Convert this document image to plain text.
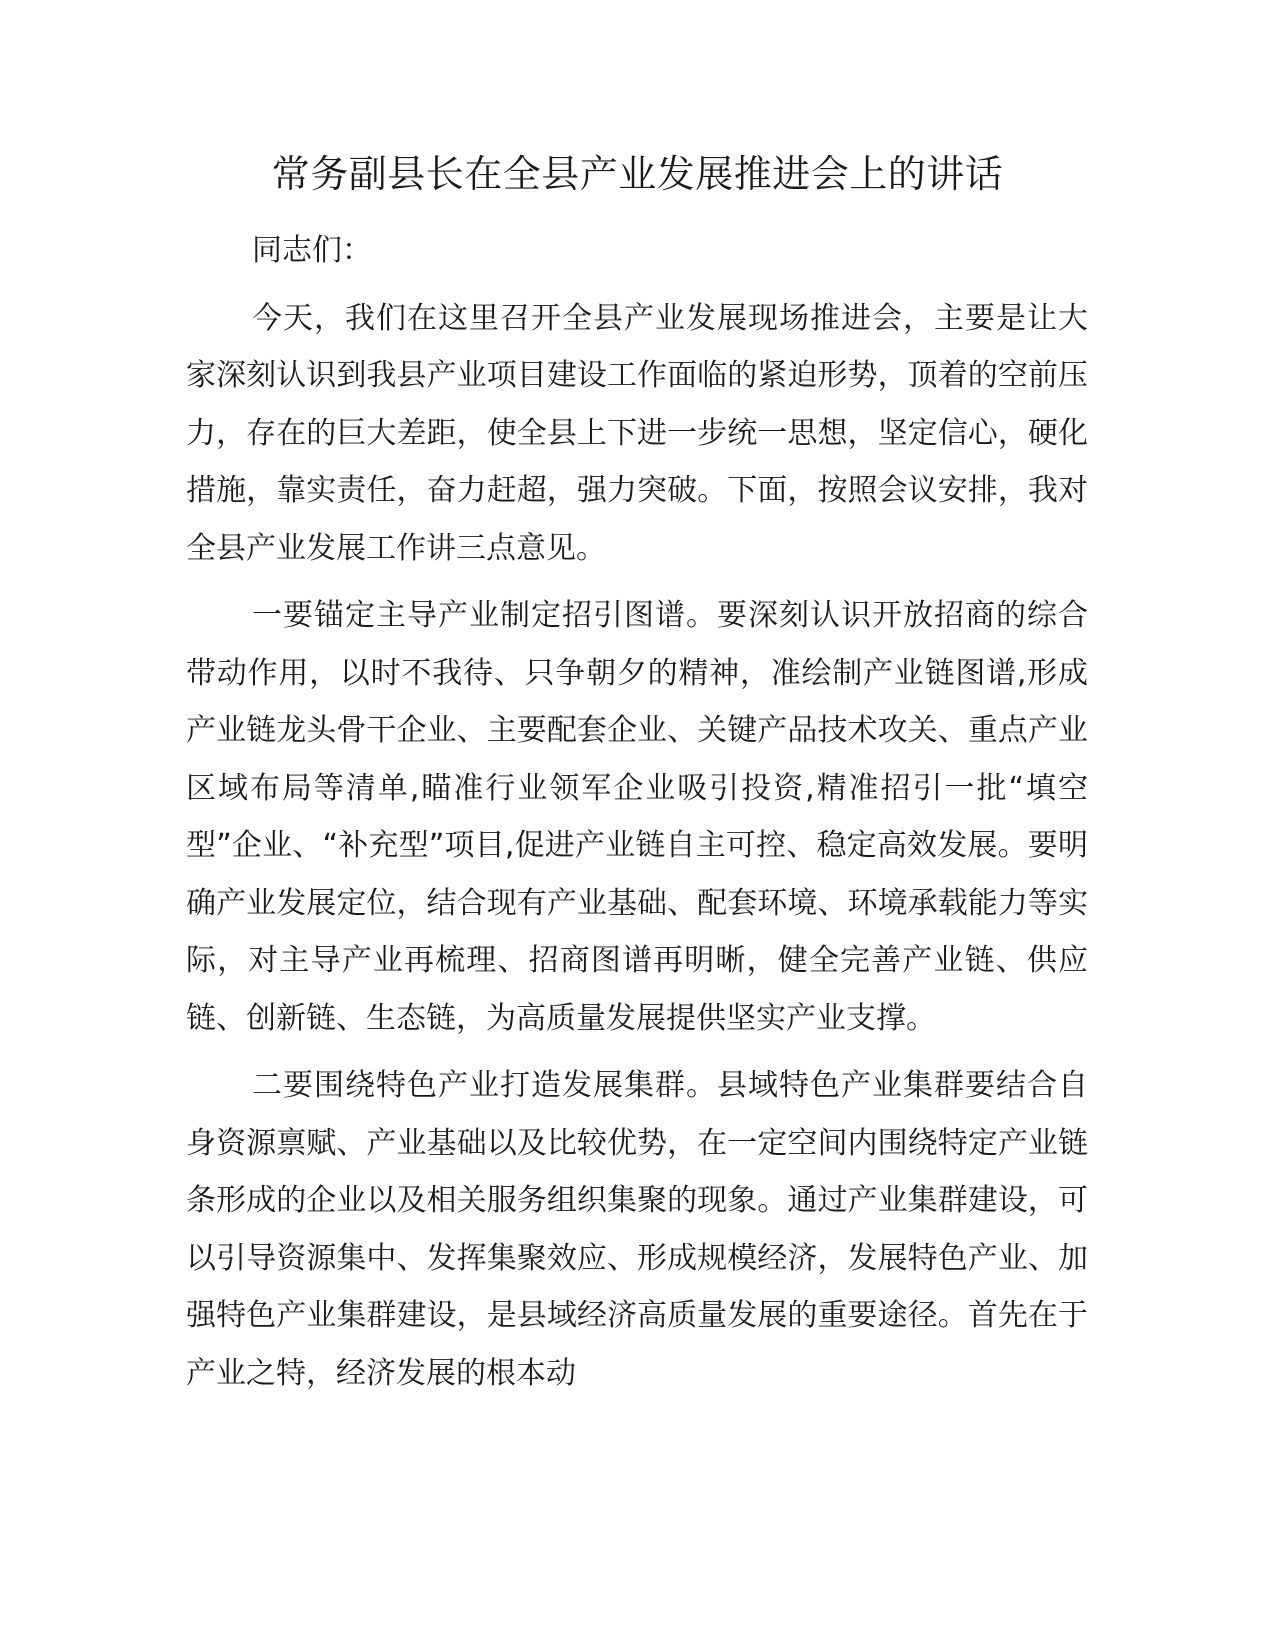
常务副县长在全县产业发展推进会上的讲话

同志们：

今天，我们在这里召开全县产业发展现场推进会，主要是让大家深刻认识到我县产业项目建设工作面临的紧迫形势，顶着的空前压力，存在的巨大差距，使全县上下进一步统一思想，坚定信心，硬化措施，靠实责任，奋力赶超，强力突破。下面，按照会议安排，我对全县产业发展工作讲三点意见。

一要锚定主导产业制定招引图谱。要深刻认识开放招商的综合带动作用，以时不我待、只争朝夕的精神，准绘制产业链图谱,形成产业链龙头骨干企业、主要配套企业、关键产品技术攻关、重点产业区域布局等清单,瞄准行业领军企业吸引投资,精准招引一批“填空型”企业、“补充型”项目,促进产业链自主可控、稳定高效发展。要明确产业发展定位，结合现有产业基础、配套环境、环境承载能力等实际，对主导产业再梳理、招商图谱再明晰，健全完善产业链、供应链、创新链、生态链，为高质量发展提供坚实产业支撑。

二要围绕特色产业打造发展集群。县域特色产业集群要结合自身资源禀赋、产业基础以及比较优势，在一定空间内围绕特定产业链条形成的企业以及相关服务组织集聚的现象。通过产业集群建设，可以引导资源集中、发挥集聚效应、形成规模经济，发展特色产业、加强特色产业集群建设，是县域经济高质量发展的重要途径。首先在于产业之特，经济发展的根本动
